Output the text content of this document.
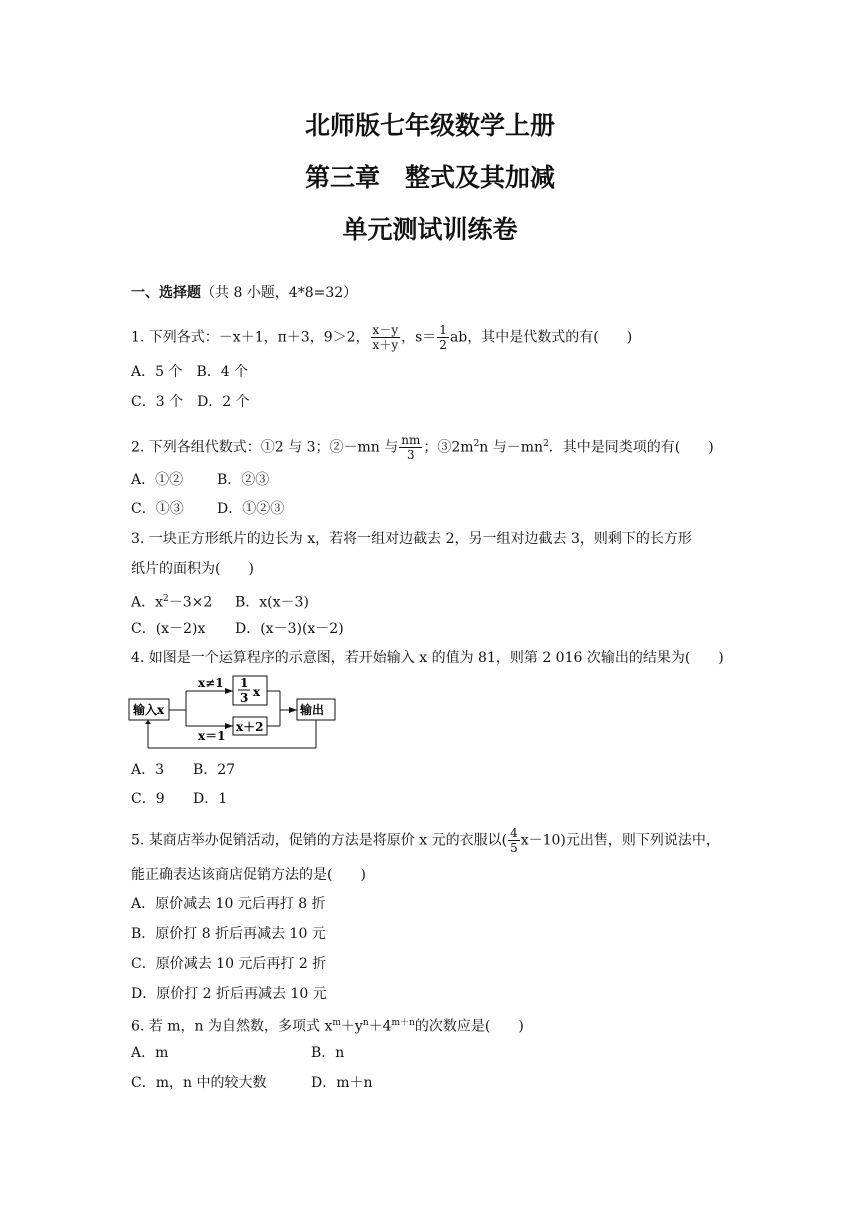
北师版七年级数学上册
第三章　整式及其加减
单元测试训练卷
一、选择题（共 8 小题，4*8=32）
1. 下列各式：－x＋1，π＋3，9＞2， $\frac{x-y}{x+y}$ ，$s= \frac{1}{2}$ ab，其中是代数式的有(　　)
A．5 个 B．4 个
C．3 个 D．2 个
2. 下列各组代数式：①2 与 3；②－mn 与 $\frac{nm}{3}$ ；$③2m^2n$ 与$-mn^2$．其中是同类项的有(　　)
A．①② B．②③
C．①③ D．①②③
3. 一块正方形纸片的边长为 x，若将一组对边截去 2，另一组对边截去 3，则剩下的长方形
纸片的面积为(　　)
A．$x^2-3\times 2$ B．x(x－3)
C．(x－2)x D．(x－3)(x－2)
4. 如图是一个运算程序的示意图，若开始输入 x 的值为 81，则第 2 016 次输出的结果为(　　)
输入x	输出
x≠1
x＝1
1
3 x
x＋2
A．3 B．27
C．9 D．1
5. 某商店举办促销活动，促销的方法是将原价 x 元的衣服以( $\frac{4}{5} x-10$)元出售，则下列说法中，
能正确表达该商店促销方法的是(　　)
A．原价减去 10 元后再打 8 折
B．原价打 8 折后再减去 10 元
C．原价减去 10 元后再打 2 折
D．原价打 2 折后再减去 10 元
6. 若 m，n 为自然数，多项式 $x^m+y^n+4^{m+n}$的次数应是(　　)
A．m	B．n
C．m，n 中的较大数	D．m＋n
